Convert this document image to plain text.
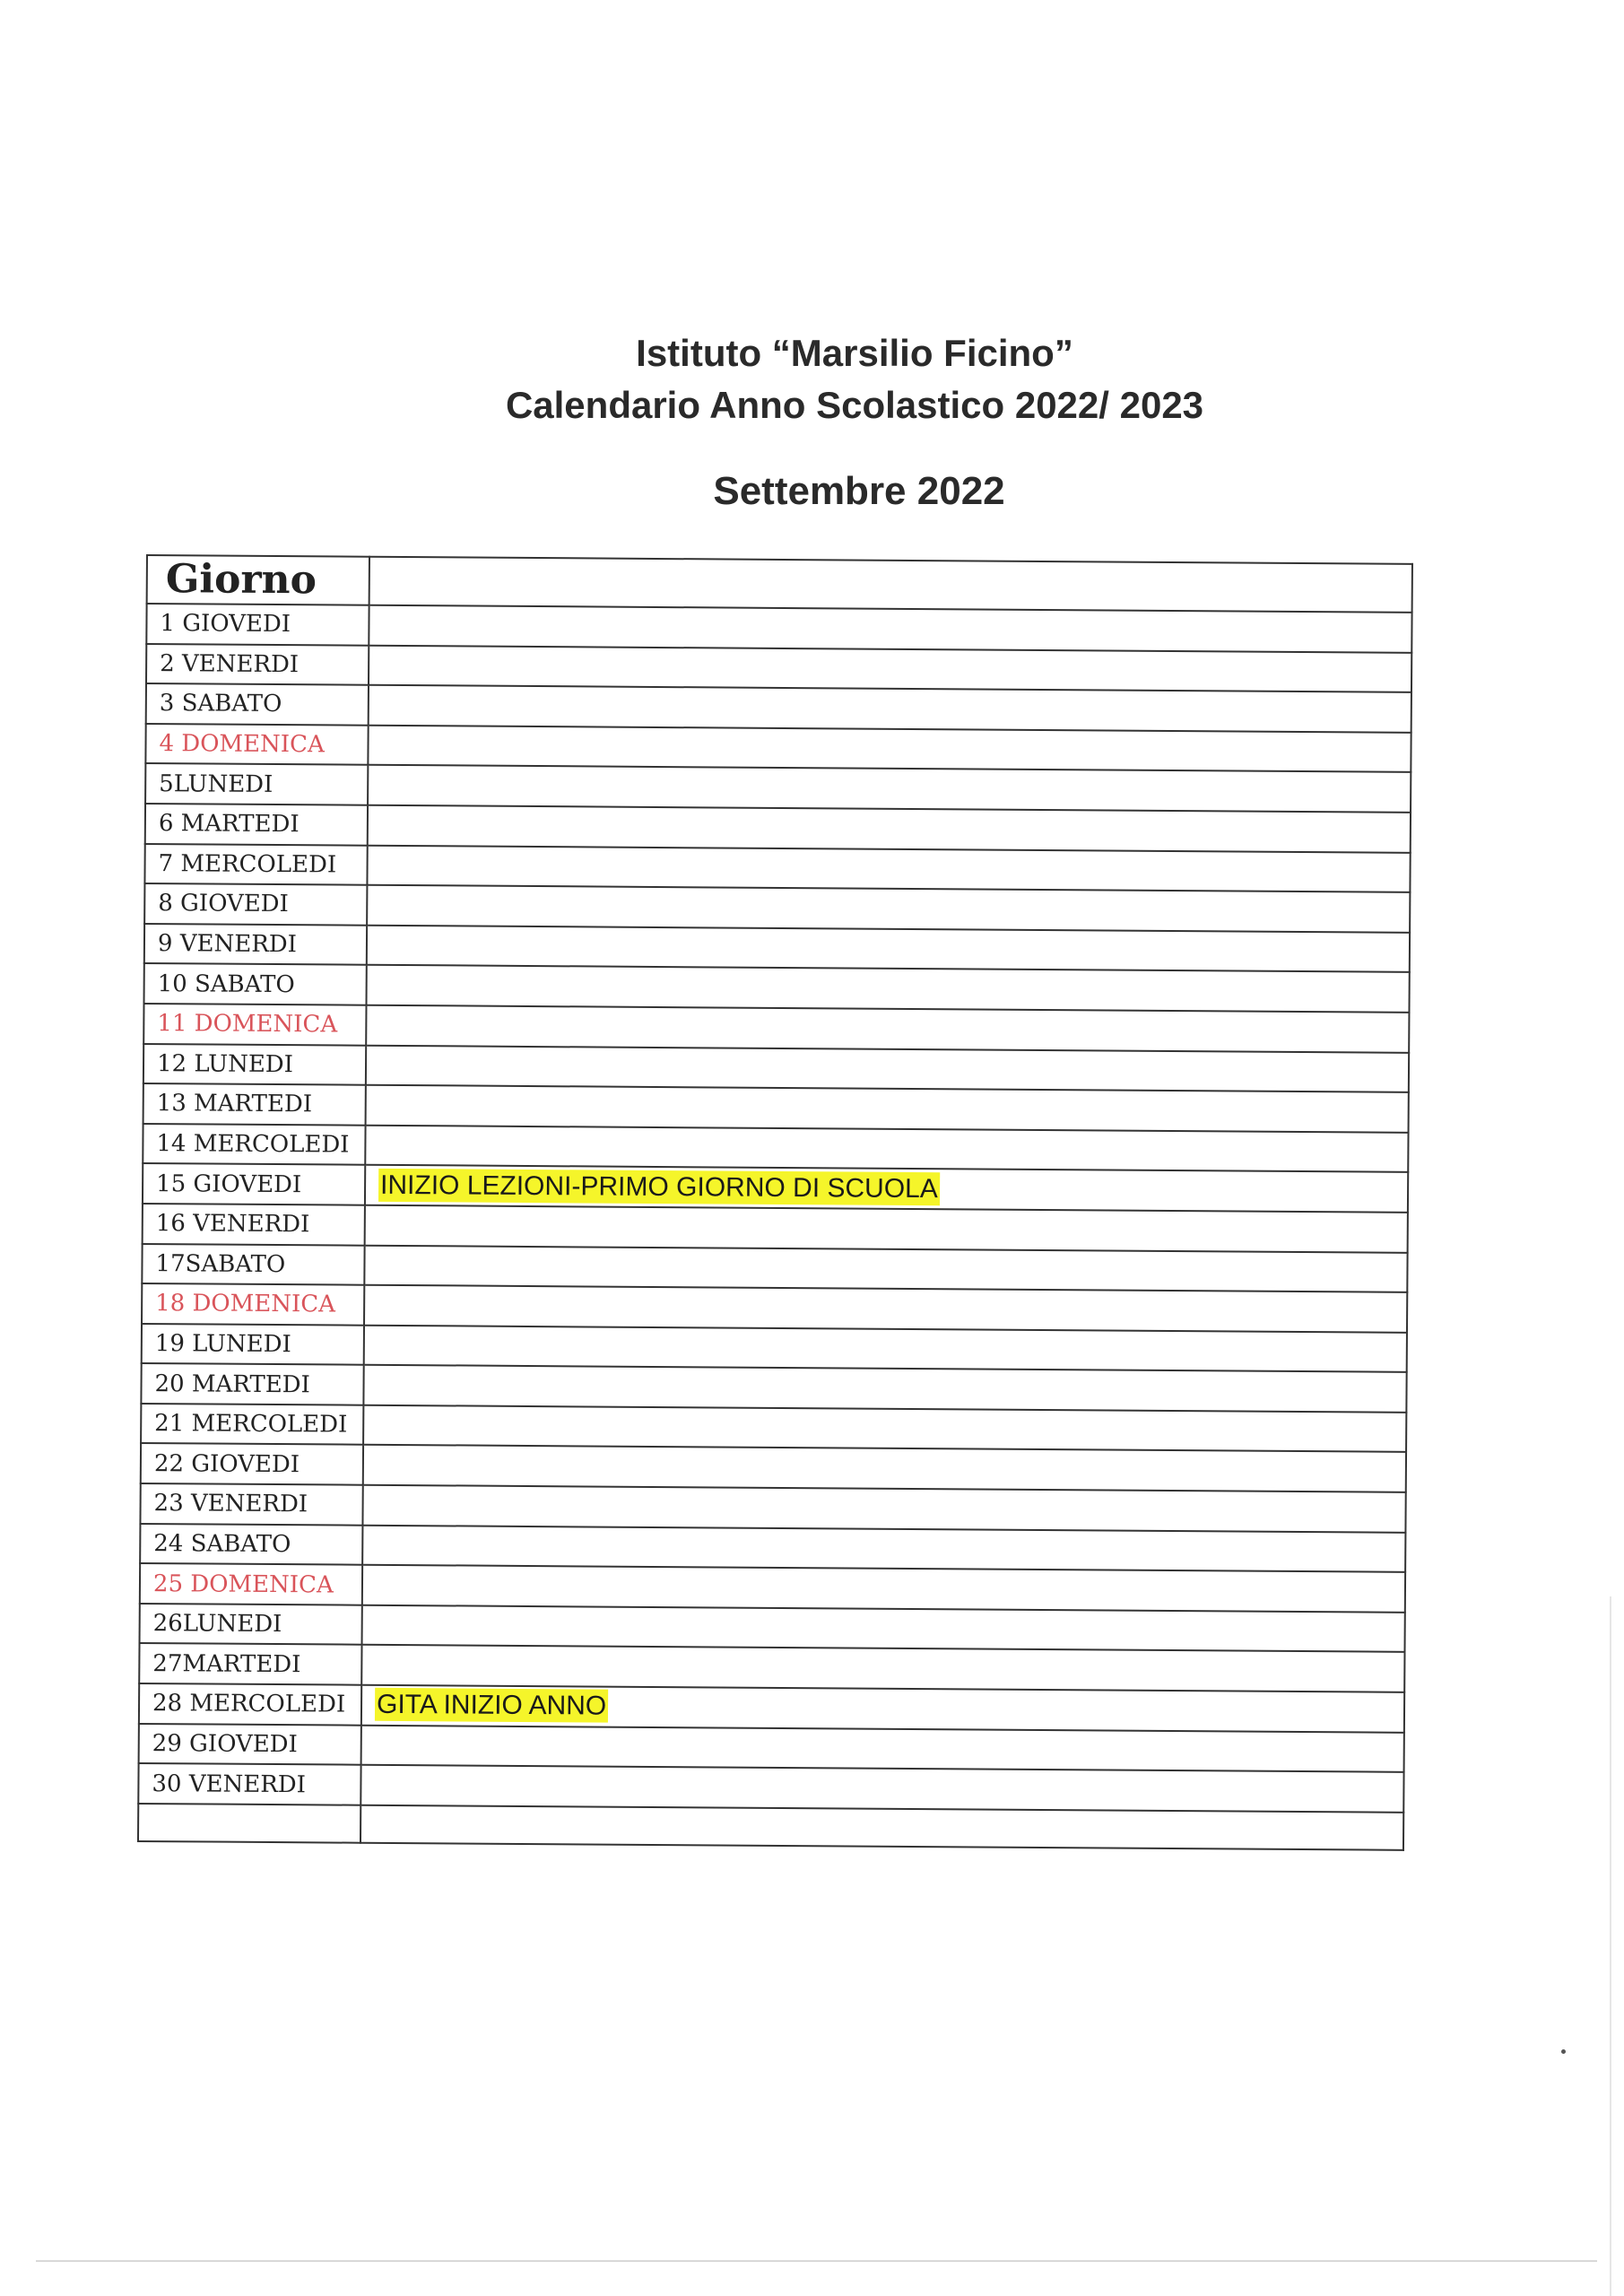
Istituto “Marsilio Ficino”
Calendario Anno Scolastico 2022/ 2023
Settembre 2022
Giorno	
1 GIOVEDI	
2 VENERDI	
3 SABATO	
4 DOMENICA	
5LUNEDI	
6 MARTEDI	
7 MERCOLEDI	
8 GIOVEDI	
9 VENERDI	
10 SABATO	
11 DOMENICA	
12 LUNEDI	
13 MARTEDI	
14 MERCOLEDI	
15 GIOVEDI	INIZIO LEZIONI-PRIMO GIORNO DI SCUOLA
16 VENERDI	
17SABATO	
18 DOMENICA	
19 LUNEDI	
20 MARTEDI	
21 MERCOLEDI	
22 GIOVEDI	
23 VENERDI	
24 SABATO	
25 DOMENICA	
26LUNEDI	
27MARTEDI	
28 MERCOLEDI	GITA INIZIO ANNO
29 GIOVEDI	
30 VENERDI	
